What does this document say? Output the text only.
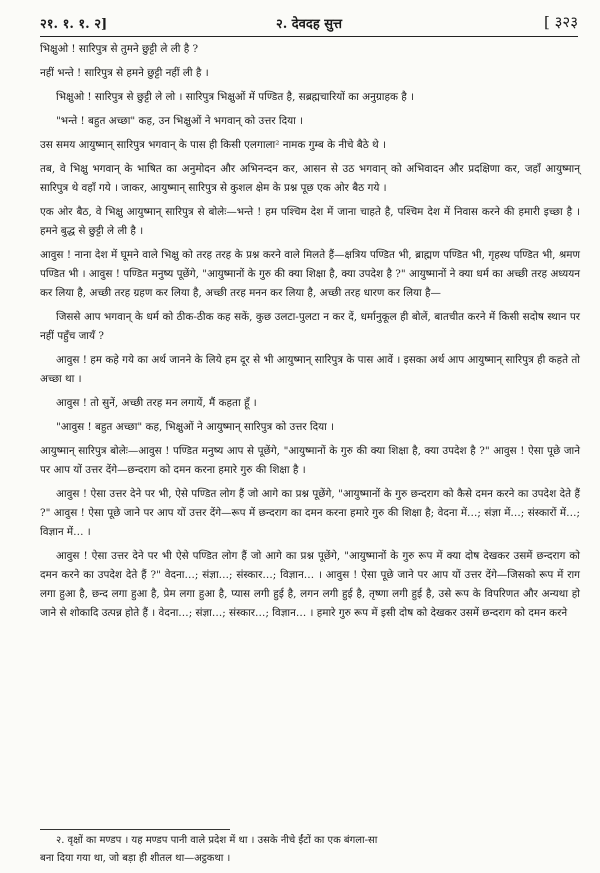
२१. १. १. २]	२. देवदह सुत्त	[ ३२३

भिक्षुओ ! सारिपुत्र से तुमने छुट्टी ले ली है ?

नहीं भन्ते ! सारिपुत्र से हमने छुट्टी नहीं ली है ।

भिक्षुओ ! सारिपुत्र से छुट्टी ले लो । सारिपुत्र भिक्षुओं में पण्डित है, सब्रह्मचारियों का अनुग्राहक है ।

"भन्ते ! बहुत अच्छा" कह, उन भिक्षुओं ने भगवान् को उत्तर दिया ।

उस समय आयुष्मान् सारिपुत्र भगवान् के पास ही किसी एलगाला² नामक गुम्ब के नीचे बैठे थे ।

तब, वे भिक्षु भगवान् के भाषित का अनुमोदन और अभिनन्दन कर, आसन से उठ भगवान् को अभिवादन और प्रदक्षिणा कर, जहाँ आयुष्मान् सारिपुत्र थे वहाँ गये । जाकर, आयुष्मान् सारिपुत्र से कुशल क्षेम के प्रश्न पूछ एक ओर बैठ गये ।

एक ओर बैठ, वे भिक्षु आयुष्मान् सारिपुत्र से बोलेः—भन्ते ! हम पश्चिम देश में जाना चाहते है, पश्चिम देश में निवास करने की हमारी इच्छा है । हमने बुद्ध से छुट्टी ले ली है ।

आवुस ! नाना देश में घूमने वाले भिक्षु को तरह तरह के प्रश्न करने वाले मिलते हैं—क्षत्रिय पण्डित भी, ब्राह्मण पण्डित भी, गृहस्थ पण्डित भी, श्रमण पण्डित भी । आवुस ! पण्डित मनुष्य पूछेंगे, "आयुष्मानों के गुरु की क्या शिक्षा है, क्या उपदेश है ?" आयुष्मानों ने क्या धर्म का अच्छी तरह अध्ययन कर लिया है, अच्छी तरह ग्रहण कर लिया है, अच्छी तरह मनन कर लिया है, अच्छी तरह धारण कर लिया है—

जिससे आप भगवान् के धर्म को ठीक-ठीक कह सकें, कुछ उलटा-पुलटा न कर दें, धर्मानुकूल ही बोलें, बातचीत करने में किसी सदोष स्थान पर नहीं पहुँच जायँ ?

आवुस ! हम कहे गये का अर्थ जानने के लिये हम दूर से भी आयुष्मान् सारिपुत्र के पास आवें । इसका अर्थ आप आयुष्मान् सारिपुत्र ही कहते तो अच्छा था ।

आवुस ! तो सुनें, अच्छी तरह मन लगायें, मैं कहता हूँ ।

"आवुस ! बहुत अच्छा" कह, भिक्षुओं ने आयुष्मान् सारिपुत्र को उत्तर दिया ।

आयुष्मान् सारिपुत्र बोलेः—आवुस ! पण्डित मनुष्य आप से पूछेंगे, "आयुष्मानों के गुरु की क्या शिक्षा है, क्या उपदेश है ?" आवुस ! ऐसा पूछे जाने पर आप यों उत्तर देंगे—छन्दराग को दमन करना हमारे गुरु की शिक्षा है ।

आवुस ! ऐसा उत्तर देने पर भी, ऐसे पण्डित लोग हैं जो आगे का प्रश्न पूछेंगे, "आयुष्मानों के गुरु छन्दराग को कैसे दमन करने का उपदेश देते हैं ?" आवुस ! ऐसा पूछे जाने पर आप यों उत्तर देंगे—रूप में छन्दराग का दमन करना हमारे गुरु की शिक्षा है; वेदना में…; संज्ञा में…; संस्कारों में…; विज्ञान में… ।

आवुस ! ऐसा उत्तर देने पर भी ऐसे पण्डित लोग हैं जो आगे का प्रश्न पूछेंगे, "आयुष्मानों के गुरु रूप में क्या दोष देखकर उसमें छन्दराग को दमन करने का उपदेश देते हैं ?" वेदना…; संज्ञा…; संस्कार…; विज्ञान… । आवुस ! ऐसा पूछे जाने पर आप यों उत्तर देंगे—जिसको रूप में राग लगा हुआ है, छन्द लगा हुआ है, प्रेम लगा हुआ है, प्यास लगी हुई है, लगन लगी हुई है, तृष्णा लगी हुई है, उसे रूप के विपरिणत और अन्यथा हो जाने से शोकादि उत्पन्न होते हैं । वेदना…; संज्ञा…; संस्कार…; विज्ञान… । हमारे गुरु रूप में इसी दोष को देखकर उसमें छन्दराग को दमन करने

२. वृक्षों का मण्डप । यह मण्डप पानी वाले प्रदेश में था । उसके नीचे ईंटों का एक बंगला-सा

बना दिया गया था, जो बड़ा ही शीतल था—अट्ठकथा ।
